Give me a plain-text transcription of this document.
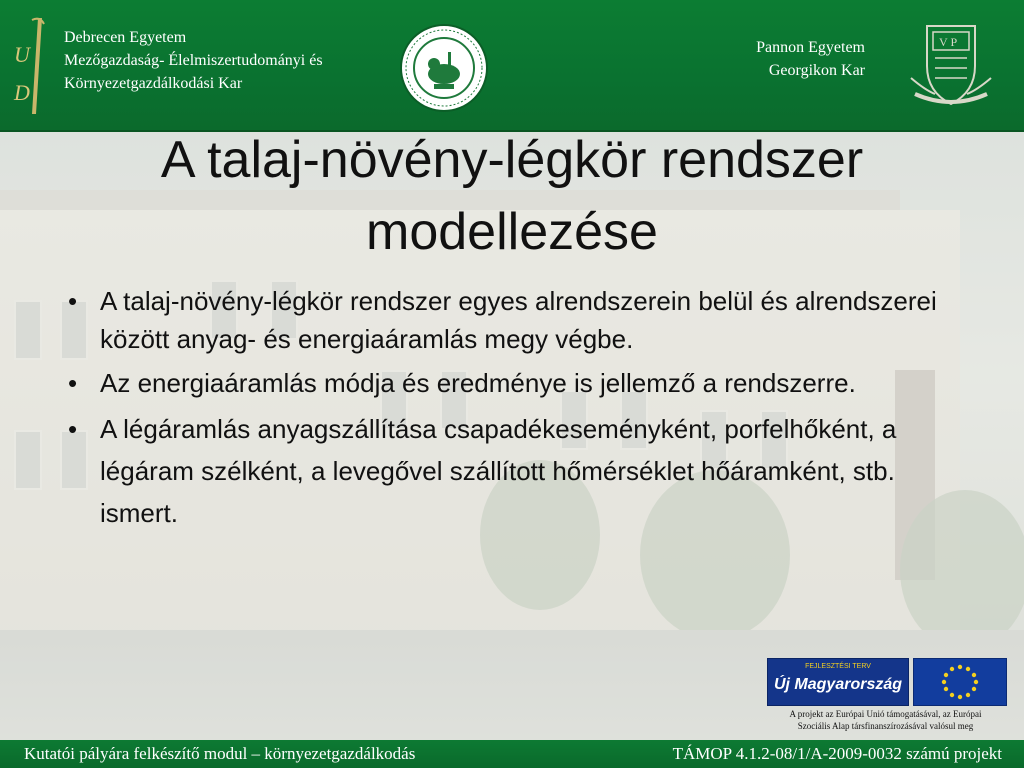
U
D
Debrecen Egyetem
Mezőgazdaság- Élelmiszertudományi és
Környezetgazdálkodási Kar
Pannon Egyetem
Georgikon Kar
V P
A talaj-növény-légkör rendszer
modellezése
• A talaj-növény-légkör rendszer egyes alrendszerein belül és alrendszerei között anyag- és energiaáramlás megy végbe.
• Az energiaáramlás módja és eredménye is jellemző a rendszerre.
• A légáramlás anyagszállítása csapadékeseményként, porfelhőként, a légáram szélként, a levegővel szállított hőmérséklet hőáramként, stb. ismert.
FEJLESZTÉSI TERV
Új Magyarország
A projekt az Európai Unió támogatásával, az Európai
Szociális Alap társfinanszírozásával valósul meg
Kutatói pályára felkészítő modul – környezetgazdálkodás	TÁMOP 4.1.2-08/1/A-2009-0032 számú projekt
